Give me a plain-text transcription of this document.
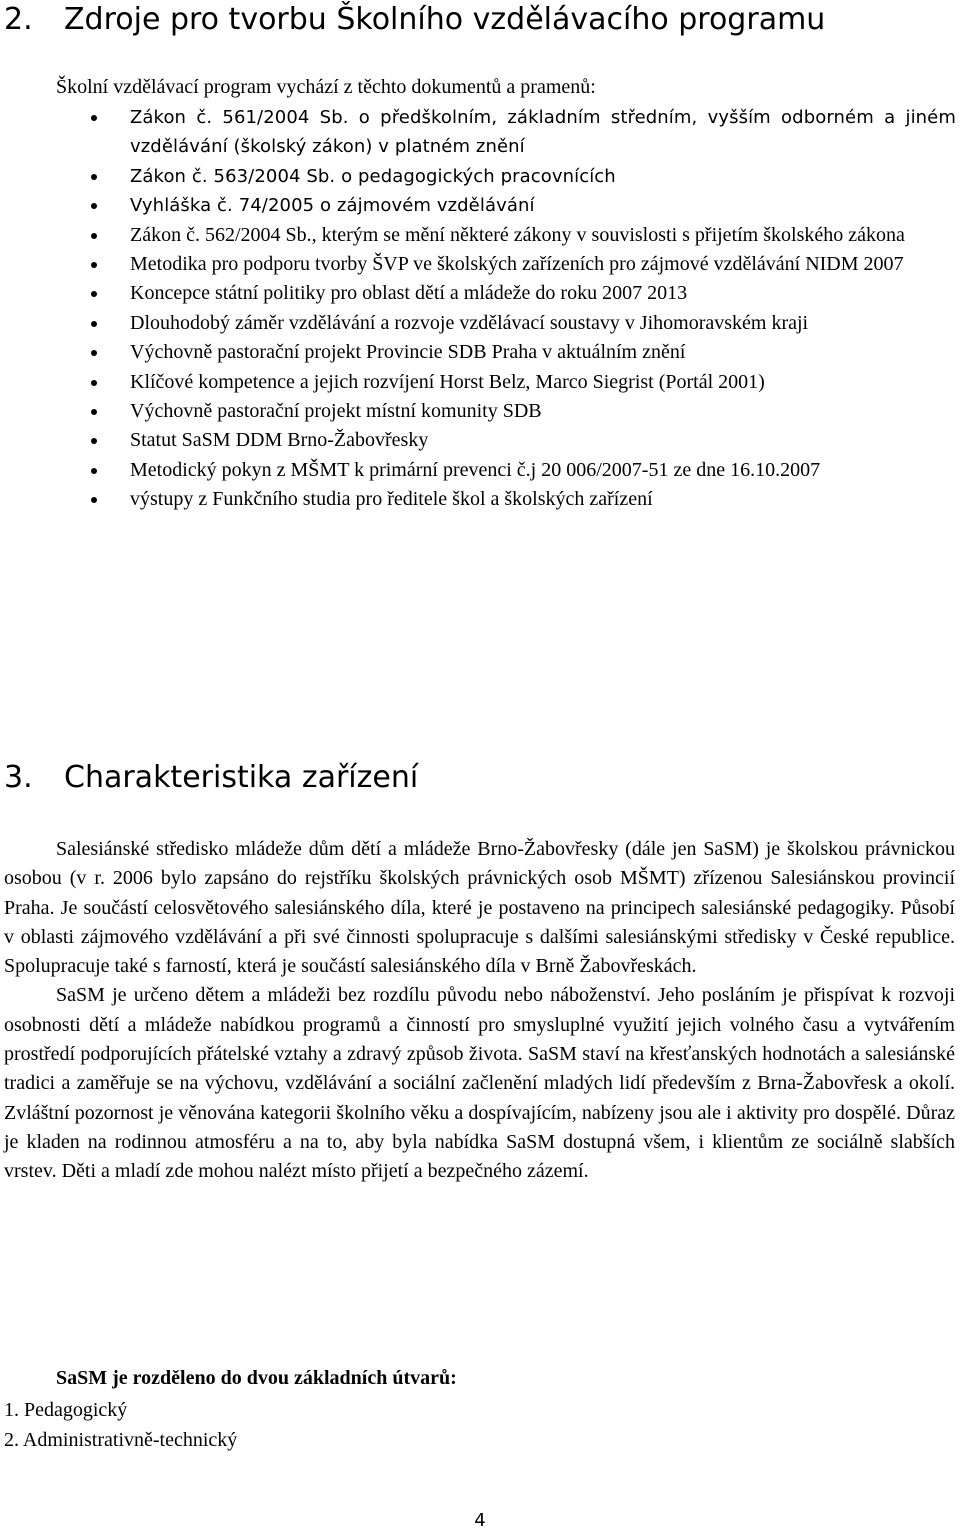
2. Zdroje pro tvorbu Školního vzdělávacího programu

Školní vzdělávací program vychází z těchto dokumentů a pramenů:

Zákon č. 561/2004 Sb. o předškolním, základním středním, vyšším odborném a jiném vzdělávání (školský zákon) v platném znění
Zákon č. 563/2004 Sb. o pedagogických pracovnících
Vyhláška č. 74/2005 o zájmovém vzdělávání
Zákon č. 562/2004 Sb., kterým se mění některé zákony v souvislosti s přijetím školského zákona
Metodika pro podporu tvorby ŠVP ve školských zařízeních pro zájmové vzdělávání NIDM 2007
Koncepce státní politiky pro oblast dětí a mládeže do roku 2007 2013
Dlouhodobý záměr vzdělávání a rozvoje vzdělávací soustavy v Jihomoravském kraji
Výchovně pastorační projekt Provincie SDB Praha v aktuálním znění
Klíčové kompetence a jejich rozvíjení Horst Belz, Marco Siegrist (Portál 2001)
Výchovně pastorační projekt místní komunity SDB
Statut SaSM DDM Brno-Žabovřesky
Metodický pokyn z MŠMT k primární prevenci č.j 20 006/2007-51 ze dne 16.10.2007
výstupy z Funkčního studia pro ředitele škol a školských zařízení
3. Charakteristika zařízení

Salesiánské středisko mládeže dům dětí a mládeže Brno-Žabovřesky (dále jen SaSM) je školskou právnickou osobou (v r. 2006 bylo zapsáno do rejstříku školských právnických osob MŠMT) zřízenou Salesiánskou provincií Praha. Je součástí celosvětového salesiánského díla, které je postaveno na principech salesiánské pedagogiky. Působí v oblasti zájmového vzdělávání a při své činnosti spolupracuje s dalšími salesiánskými středisky v České republice. Spolupracuje také s farností, která je součástí salesiánského díla v Brně Žabovřeskách.

SaSM je určeno dětem a mládeži bez rozdílu původu nebo náboženství. Jeho posláním je přispívat k rozvoji osobnosti dětí a mládeže nabídkou programů a činností pro smysluplné využití jejich volného času a vytvářením prostředí podporujících přátelské vztahy a zdravý způsob života. SaSM staví na křesťanských hodnotách a salesiánské tradici a zaměřuje se na výchovu, vzdělávání a sociální začlenění mladých lidí především z Brna-Žabovřesk a okolí. Zvláštní pozornost je věnována kategorii školního věku a dospívajícím, nabízeny jsou ale i aktivity pro dospělé. Důraz je kladen na rodinnou atmosféru a na to, aby byla nabídka SaSM dostupná všem, i klientům ze sociálně slabších vrstev. Děti a mladí zde mohou nalézt místo přijetí a bezpečného zázemí.

SaSM je rozděleno do dvou základních útvarů:

1. Pedagogický
2. Administrativně-technický
4
